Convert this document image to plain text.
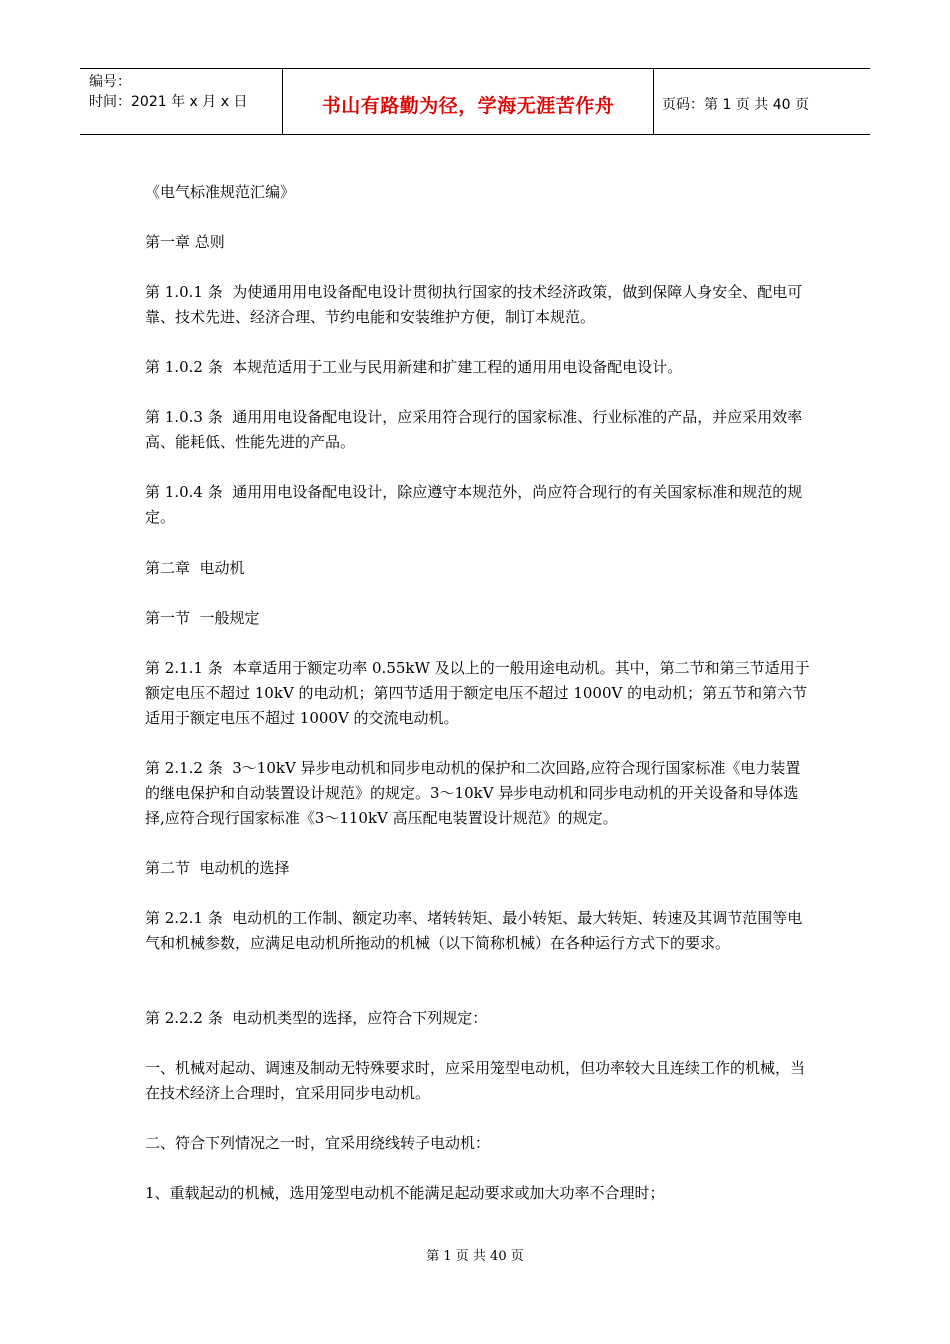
编号：
时间：2021 年 x 月 x 日	书山有路勤为径，学海无涯苦作舟	页码：第 1 页 共 40 页

《电气标准规范汇编》

第一章 总则

第 1.0.1 条  为使通用用电设备配电设计贯彻执行国家的技术经济政策，做到保障人身安全、配电可靠、技术先进、经济合理、节约电能和安装维护方便，制订本规范。

第 1.0.2 条  本规范适用于工业与民用新建和扩建工程的通用用电设备配电设计。

第 1.0.3 条  通用用电设备配电设计，应采用符合现行的国家标准、行业标准的产品，并应采用效率高、能耗低、性能先进的产品。

第 1.0.4 条  通用用电设备配电设计，除应遵守本规范外，尚应符合现行的有关国家标准和规范的规定。

第二章  电动机

第一节  一般规定

第 2.1.1 条  本章适用于额定功率 0.55kW 及以上的一般用途电动机。其中，第二节和第三节适用于额定电压不超过 10kV 的电动机；第四节适用于额定电压不超过 1000V 的电动机；第五节和第六节适用于额定电压不超过 1000V 的交流电动机。

第 2.1.2 条  3～10kV 异步电动机和同步电动机的保护和二次回路,应符合现行国家标准《电力装置的继电保护和自动装置设计规范》的规定。3～10kV 异步电动机和同步电动机的开关设备和导体选择,应符合现行国家标准《3～110kV 高压配电装置设计规范》的规定。

第二节  电动机的选择

第 2.2.1 条  电动机的工作制、额定功率、堵转转矩、最小转矩、最大转矩、转速及其调节范围等电气和机械参数，应满足电动机所拖动的机械（以下简称机械）在各种运行方式下的要求。

第 2.2.2 条  电动机类型的选择，应符合下列规定：

一、机械对起动、调速及制动无特殊要求时，应采用笼型电动机，但功率较大且连续工作的机械，当在技术经济上合理时，宜采用同步电动机。

二、符合下列情况之一时，宜采用绕线转子电动机：

1、重载起动的机械，选用笼型电动机不能满足起动要求或加大功率不合理时；

第 1 页 共 40 页
